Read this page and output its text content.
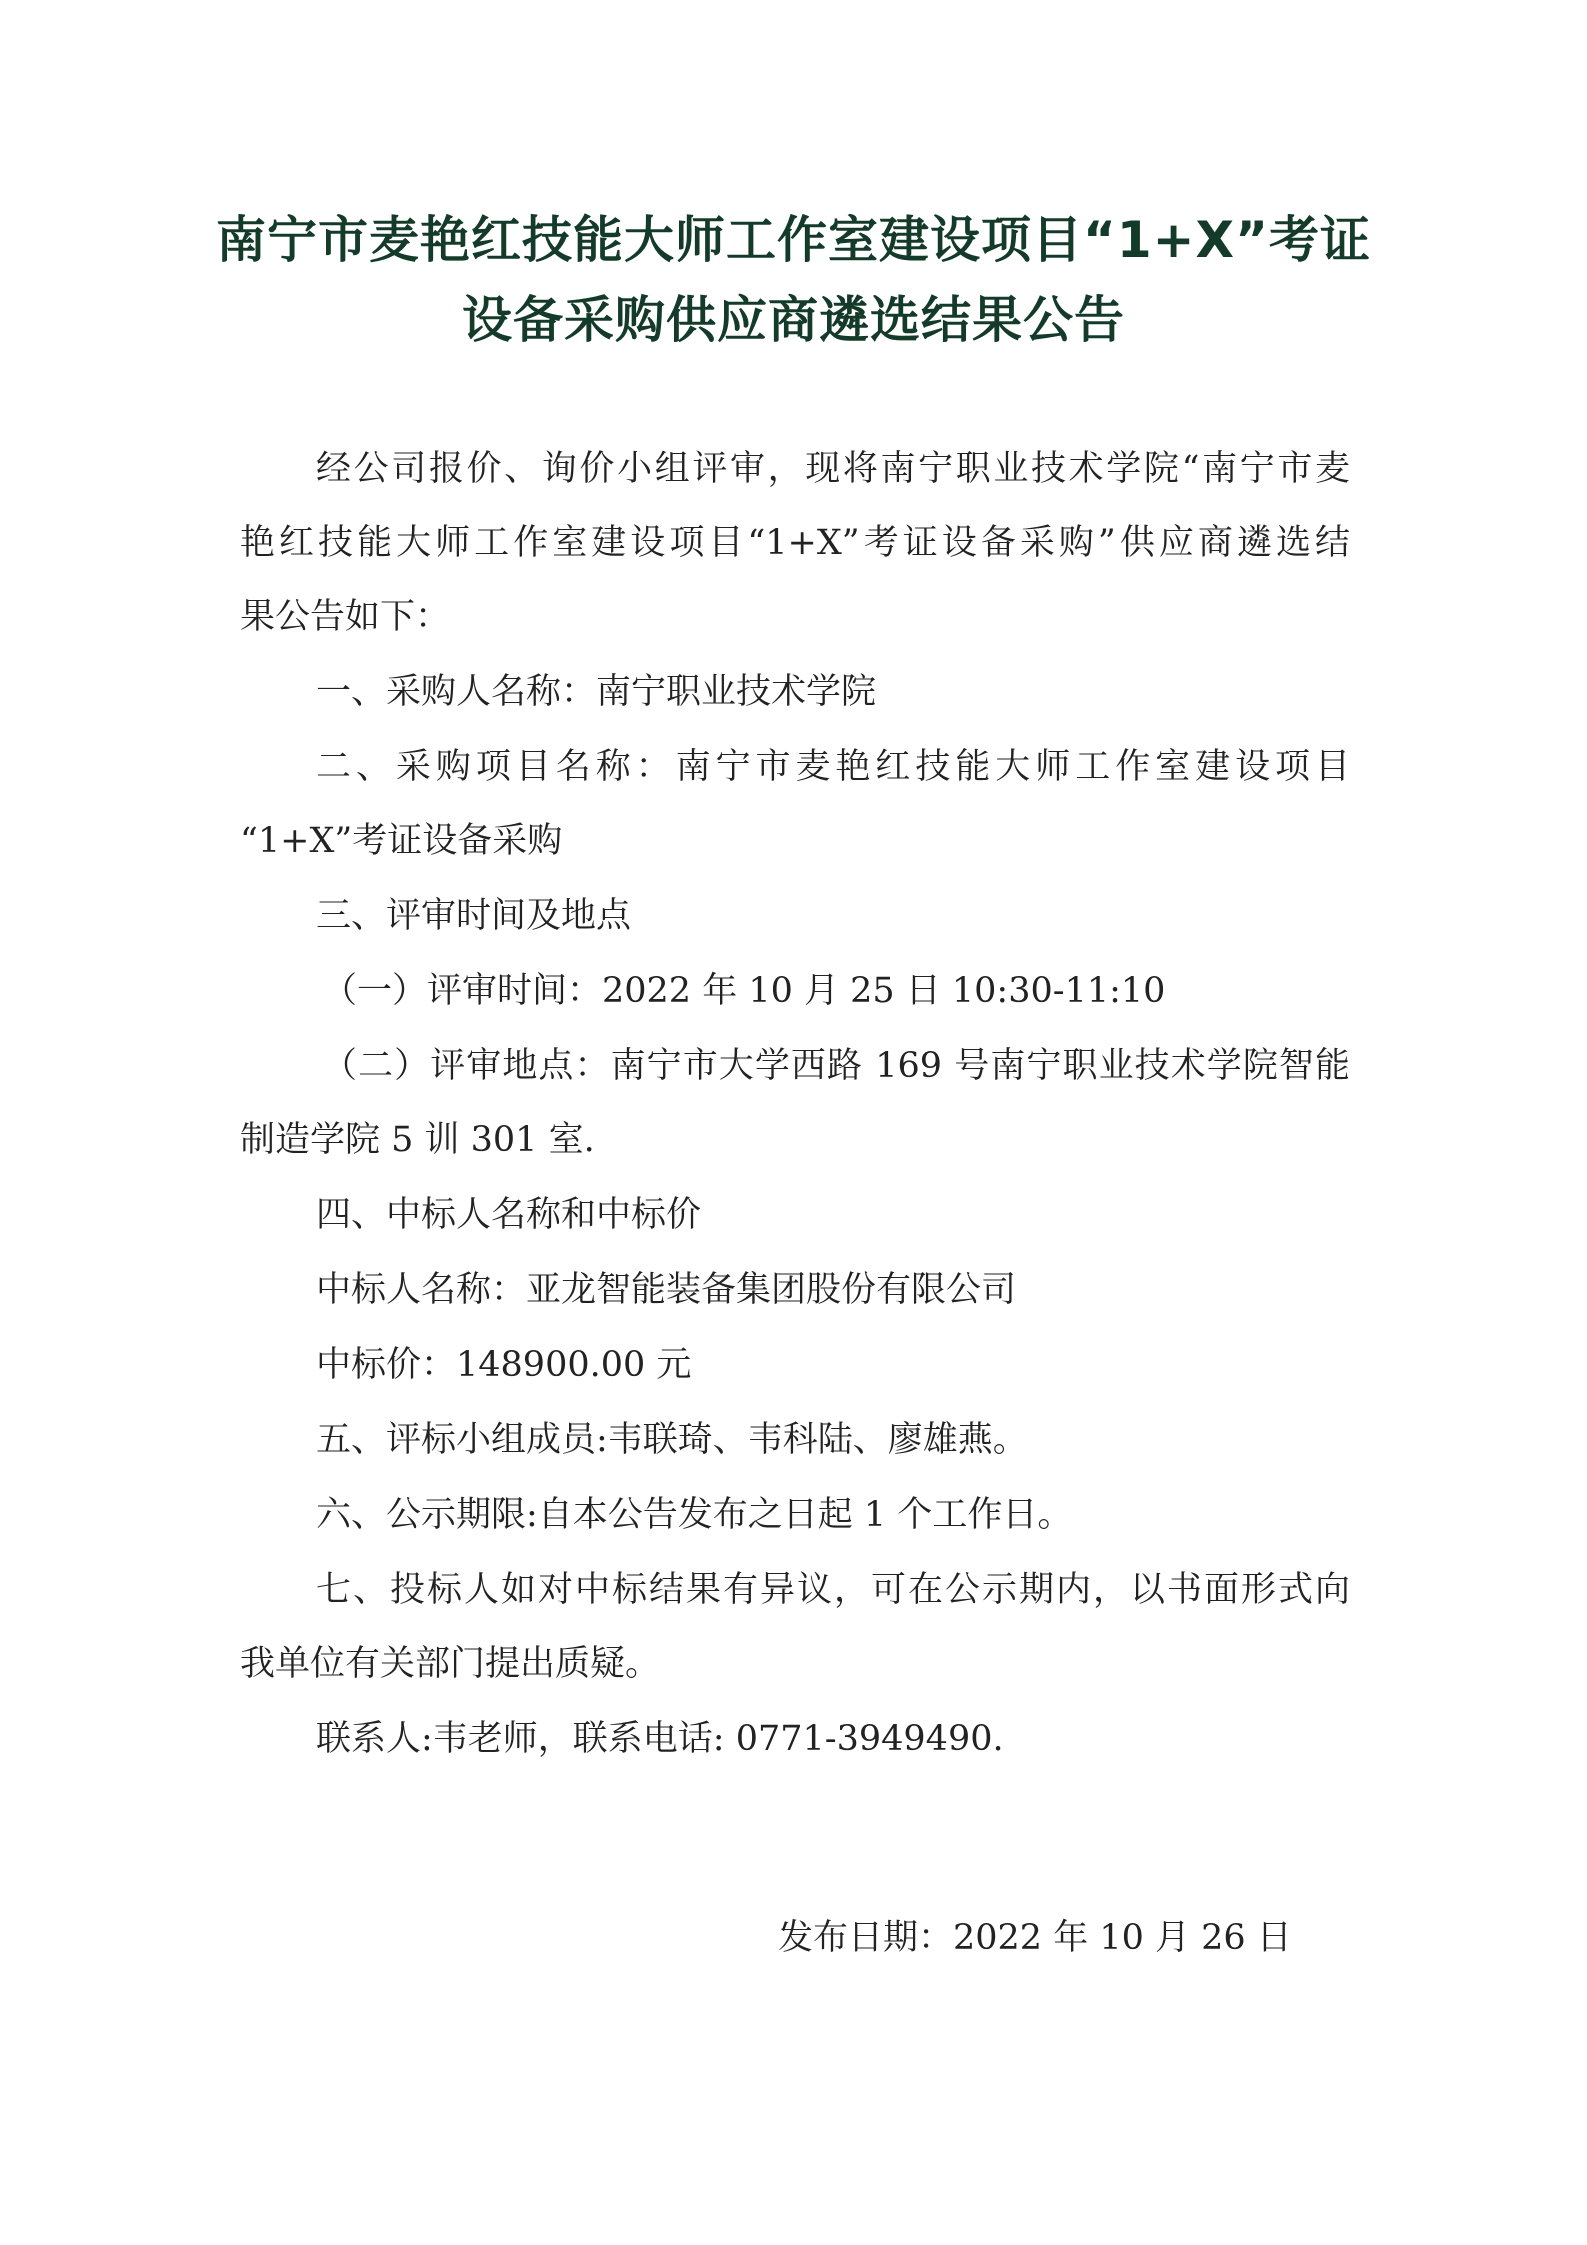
南宁市麦艳红技能大师工作室建设项目“1+X”考证
设备采购供应商遴选结果公告
经公司报价、询价小组评审，现将南宁职业技术学院“南宁市麦
艳红技能大师工作室建设项目“1+X”考证设备采购”供应商遴选结
果公告如下：
一、采购人名称：南宁职业技术学院
二、采购项目名称：南宁市麦艳红技能大师工作室建设项目
“1+X”考证设备采购
三、评审时间及地点
（一）评审时间：2022 年 10 月 25 日 10:30-11:10
（二）评审地点：南宁市大学西路 169 号南宁职业技术学院智能
制造学院 5 训 301 室.
四、中标人名称和中标价
中标人名称：亚龙智能装备集团股份有限公司
中标价：148900.00 元
五、评标小组成员:韦联琦、韦科陆、廖雄燕。
六、公示期限:自本公告发布之日起 1 个工作日。
七、投标人如对中标结果有异议，可在公示期内，以书面形式向
我单位有关部门提出质疑。
联系人:韦老师，联系电话: 0771-3949490.
发布日期：2022 年 10 月 26 日
